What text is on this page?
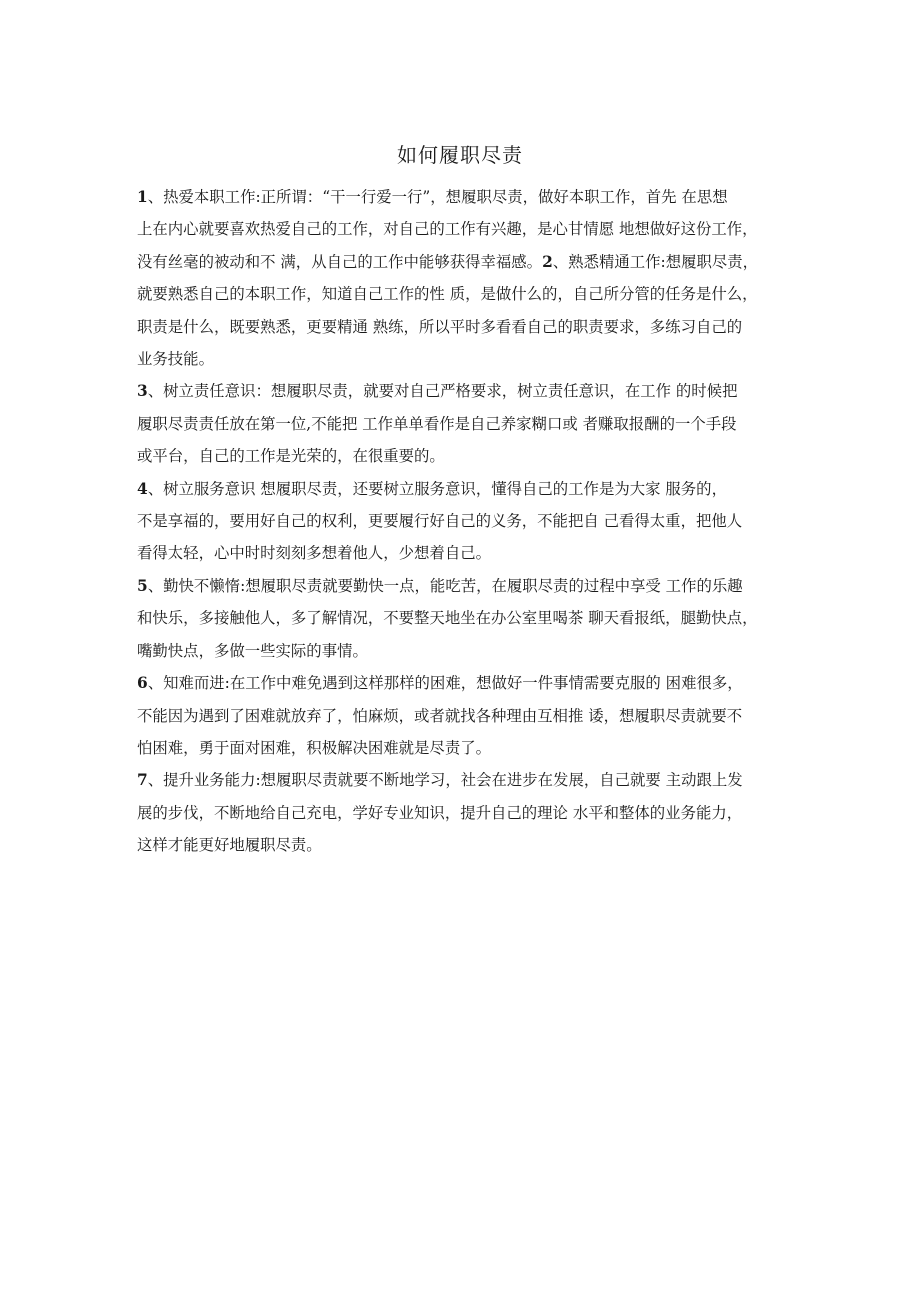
如何履职尽责

1、热爱本职工作:正所谓：“干一行爱一行”，想履职尽责，做好本职工作，首先 在思想
上在内心就要喜欢热爱自己的工作，对自己的工作有兴趣，是心甘情愿 地想做好这份工作，
没有丝毫的被动和不 满，从自己的工作中能够获得幸福感。2、熟悉精通工作:想履职尽责，
就要熟悉自己的本职工作，知道自己工作的性 质，是做什么的，自己所分管的任务是什么，
职责是什么，既要熟悉，更要精通 熟练，所以平时多看看自己的职责要求，多练习自己的
业务技能。

3、树立责任意识：想履职尽责，就要对自己严格要求，树立责任意识，在工作 的时候把
履职尽责责任放在第一位,不能把 工作单单看作是自己养家糊口或 者赚取报酬的一个手段
或平台，自己的工作是光荣的，在很重要的。

4、树立服务意识 想履职尽责，还要树立服务意识，懂得自己的工作是为大家 服务的，
不是享福的，要用好自己的权利，更要履行好自己的义务，不能把自 己看得太重，把他人
看得太轻，心中时时刻刻多想着他人，少想着自己。

5、勤快不懒惰:想履职尽责就要勤快一点，能吃苦，在履职尽责的过程中享受 工作的乐趣
和快乐，多接触他人，多了解情况，不要整天地坐在办公室里喝茶 聊天看报纸，腿勤快点，
嘴勤快点，多做一些实际的事情。

6、知难而进:在工作中难免遇到这样那样的困难，想做好一件事情需要克服的 困难很多，
不能因为遇到了困难就放弃了，怕麻烦，或者就找各种理由互相推 诿，想履职尽责就要不
怕困难，勇于面对困难，积极解决困难就是尽责了。

7、提升业务能力:想履职尽责就要不断地学习，社会在进步在发展，自己就要 主动跟上发
展的步伐，不断地给自己充电，学好专业知识，提升自己的理论 水平和整体的业务能力，
这样才能更好地履职尽责。
